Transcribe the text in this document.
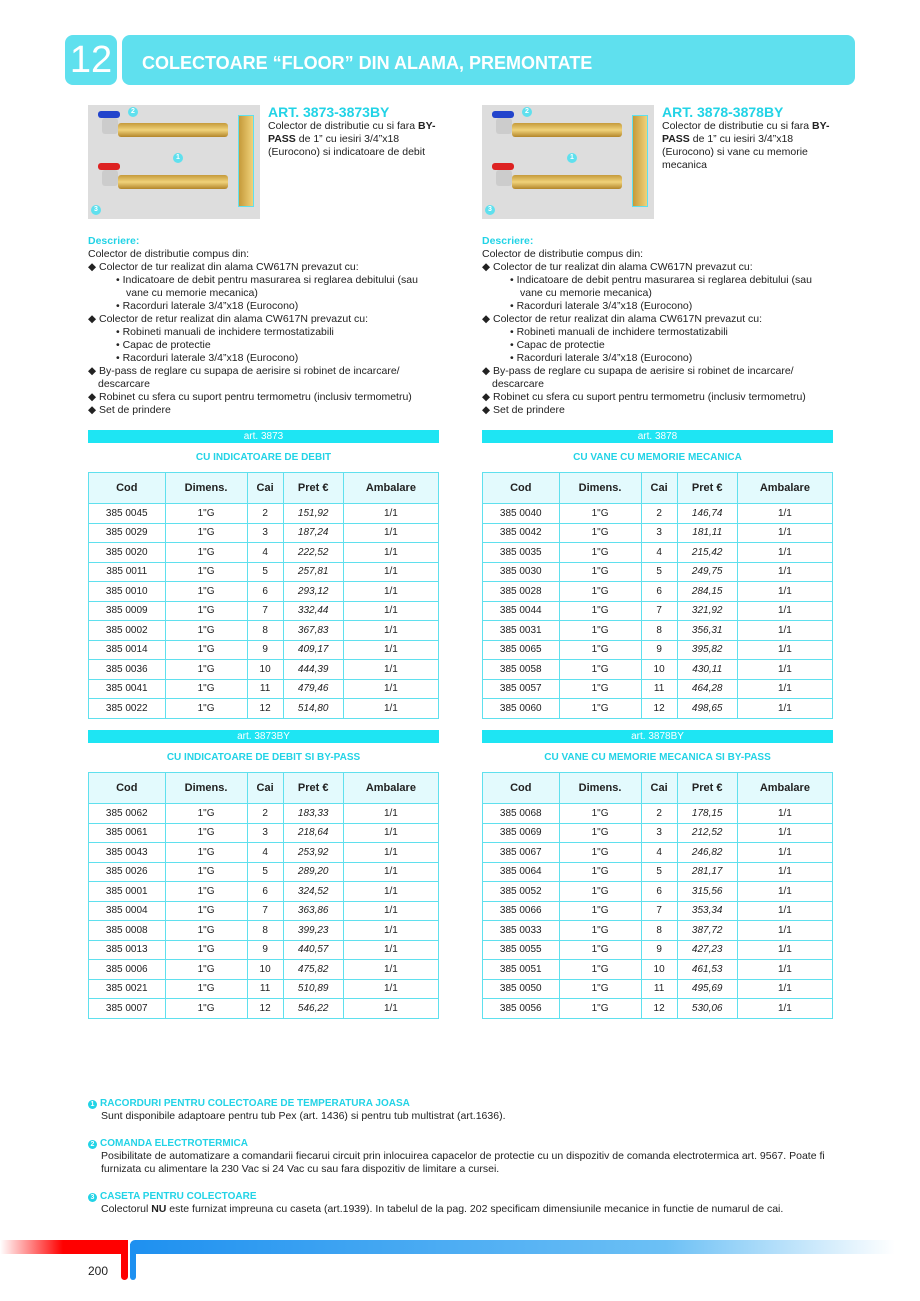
12	COLECTOARE “FLOOR” DIN ALAMA, PREMONTATE
1
2
3
ART. 3873-3873BY

Colector de distributie cu si fara BY-PASS de 1” cu iesiri 3/4”x18 (Eurocono) si indicatoare de debit

Descriere:
Colector de distributie compus din:
◆ Colector de tur realizat din alama CW617N prevazut cu:
• Indicatoare de debit pentru masurarea si reglarea debitului (sau vane cu memorie mecanica)
• Racorduri laterale 3/4”x18 (Eurocono)
◆ Colector de retur realizat din alama CW617N prevazut cu:
• Robineti manuali de inchidere termostatizabili
• Capac de protectie
• Racorduri laterale 3/4”x18 (Eurocono)
◆ By-pass de reglare cu supapa de aerisire si robinet de incarcare/ descarcare
◆ Robinet cu sfera cu suport pentru termometru (inclusiv termometru)
◆ Set de prindere
art. 3873
CU INDICATOARE DE DEBIT
Cod	Dimens.	Cai	Pret €	Ambalare
385 0045	1"G	2	151,92	1/1
385 0029	1"G	3	187,24	1/1
385 0020	1"G	4	222,52	1/1
385 0011	1"G	5	257,81	1/1
385 0010	1"G	6	293,12	1/1
385 0009	1"G	7	332,44	1/1
385 0002	1"G	8	367,83	1/1
385 0014	1"G	9	409,17	1/1
385 0036	1"G	10	444,39	1/1
385 0041	1"G	11	479,46	1/1
385 0022	1"G	12	514,80	1/1
art. 3873BY
CU INDICATOARE DE DEBIT SI BY-PASS
Cod	Dimens.	Cai	Pret €	Ambalare
385 0062	1"G	2	183,33	1/1
385 0061	1"G	3	218,64	1/1
385 0043	1"G	4	253,92	1/1
385 0026	1"G	5	289,20	1/1
385 0001	1"G	6	324,52	1/1
385 0004	1"G	7	363,86	1/1
385 0008	1"G	8	399,23	1/1
385 0013	1"G	9	440,57	1/1
385 0006	1"G	10	475,82	1/1
385 0021	1"G	11	510,89	1/1
385 0007	1"G	12	546,22	1/1
1
2
3
ART. 3878-3878BY

Colector de distributie cu si fara BY-PASS de 1” cu iesiri 3/4”x18 (Eurocono) si vane cu memorie mecanica

Descriere:
Colector de distributie compus din:
◆ Colector de tur realizat din alama CW617N prevazut cu:
• Indicatoare de debit pentru masurarea si reglarea debitului (sau vane cu memorie mecanica)
• Racorduri laterale 3/4”x18 (Eurocono)
◆ Colector de retur realizat din alama CW617N prevazut cu:
• Robineti manuali de inchidere termostatizabili
• Capac de protectie
• Racorduri laterale 3/4”x18 (Eurocono)
◆ By-pass de reglare cu supapa de aerisire si robinet de incarcare/ descarcare
◆ Robinet cu sfera cu suport pentru termometru (inclusiv termometru)
◆ Set de prindere
art. 3878
CU VANE CU MEMORIE MECANICA
Cod	Dimens.	Cai	Pret €	Ambalare
385 0040	1"G	2	146,74	1/1
385 0042	1"G	3	181,11	1/1
385 0035	1"G	4	215,42	1/1
385 0030	1"G	5	249,75	1/1
385 0028	1"G	6	284,15	1/1
385 0044	1"G	7	321,92	1/1
385 0031	1"G	8	356,31	1/1
385 0065	1"G	9	395,82	1/1
385 0058	1"G	10	430,11	1/1
385 0057	1"G	11	464,28	1/1
385 0060	1"G	12	498,65	1/1
art. 3878BY
CU VANE CU MEMORIE MECANICA SI BY-PASS
Cod	Dimens.	Cai	Pret €	Ambalare
385 0068	1"G	2	178,15	1/1
385 0069	1"G	3	212,52	1/1
385 0067	1"G	4	246,82	1/1
385 0064	1"G	5	281,17	1/1
385 0052	1"G	6	315,56	1/1
385 0066	1"G	7	353,34	1/1
385 0033	1"G	8	387,72	1/1
385 0055	1"G	9	427,23	1/1
385 0051	1"G	10	461,53	1/1
385 0050	1"G	11	495,69	1/1
385 0056	1"G	12	530,06	1/1
1 RACORDURI PENTRU COLECTOARE DE TEMPERATURA JOASA
Sunt disponibile adaptoare pentru tub Pex (art. 1436) si pentru tub multistrat (art.1636).
2 COMANDA ELECTROTERMICA
Posibilitate de automatizare a comandarii fiecarui circuit prin inlocuirea capacelor de protectie cu un dispozitiv de comanda electrotermica art. 9567. Poate fi furnizata cu alimentare la 230 Vac si 24 Vac cu sau fara dispozitiv de limitare a cursei.
3 CASETA PENTRU COLECTOARE
Colectorul NU este furnizat impreuna cu caseta (art.1939). In tabelul de la pag. 202 specificam dimensiunile mecanice in functie de numarul de cai.
200
